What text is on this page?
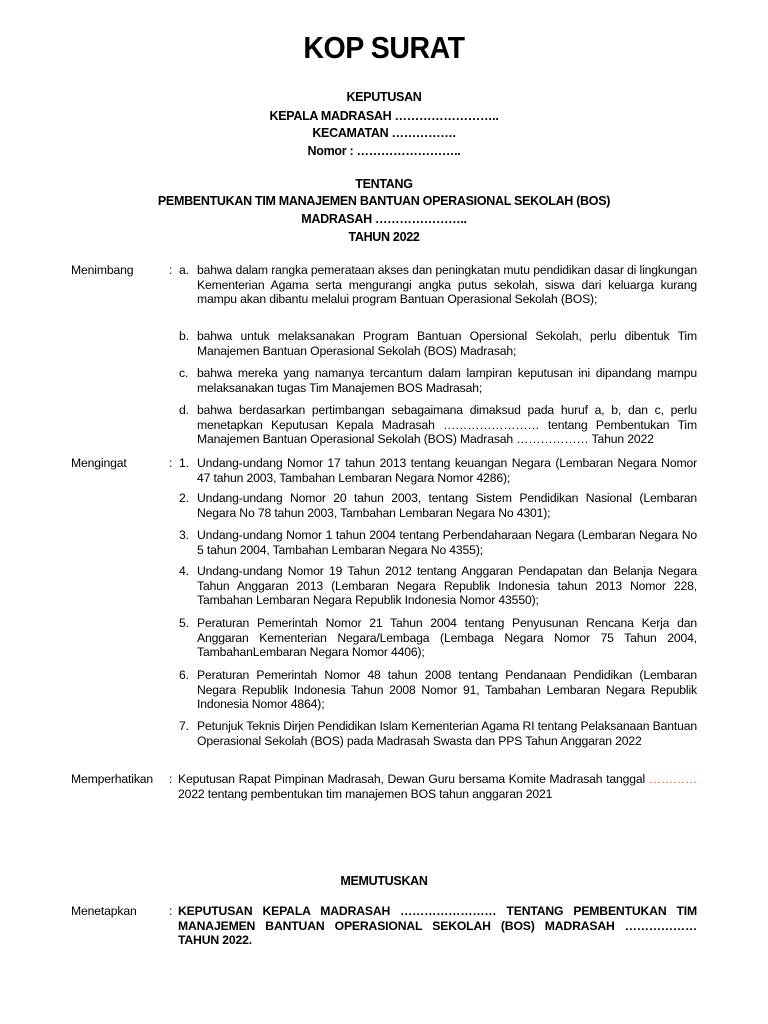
KOP SURAT
KEPUTUSAN
KEPALA MADRASAH ……………………..
KECAMATAN …………….
Nomor : ……………………..
TENTANG
PEMBENTUKAN TIM MANAJEMEN BANTUAN OPERASIONAL SEKOLAH (BOS)
MADRASAH …………………..
TAHUN 2022
Menimbang	: a. bahwa dalam rangka pemerataan akses dan peningkatan mutu pendidikan dasar di lingkungan Kementerian Agama serta mengurangi angka putus sekolah, siswa dari keluarga kurang mampu akan dibantu melalui program Bantuan Operasional Sekolah (BOS);
b. bahwa untuk melaksanakan Program Bantuan Opersional Sekolah, perlu dibentuk Tim Manajemen Bantuan Operasional Sekolah (BOS) Madrasah;
c. bahwa mereka yang namanya tercantum dalam lampiran keputusan ini dipandang mampu melaksanakan tugas Tim Manajemen BOS Madrasah;
d. bahwa berdasarkan pertimbangan sebagaimana dimaksud pada huruf a, b, dan c, perlu menetapkan Keputusan Kepala Madrasah …………………… tentang Pembentukan Tim Manajemen Bantuan Operasional Sekolah (BOS) Madrasah ……………… Tahun 2022
Mengingat	: 1. Undang-undang Nomor 17 tahun 2013 tentang keuangan Negara (Lembaran Negara Nomor 47 tahun 2003, Tambahan Lembaran Negara Nomor 4286);
2. Undang-undang Nomor 20 tahun 2003, tentang Sistem Pendidikan Nasional (Lembaran Negara No 78 tahun 2003, Tambahan Lembaran Negara No 4301);
3. Undang-undang Nomor 1 tahun 2004 tentang Perbendaharaan Negara (Lembaran Negara No 5 tahun 2004, Tambahan Lembaran Negara No 4355);
4. Undang-undang Nomor 19 Tahun 2012 tentang Anggaran Pendapatan dan Belanja Negara Tahun Anggaran 2013 (Lembaran Negara Republik Indonesia tahun 2013 Nomor 228, Tambahan Lembaran Negara Republik Indonesia Nomor 43550);
5. Peraturan Pemerintah Nomor 21 Tahun 2004 tentang Penyusunan Rencana Kerja dan Anggaran Kementerian Negara/Lembaga (Lembaga Negara Nomor 75 Tahun 2004, TambahanLembaran Negara Nomor 4406);
6. Peraturan Pemerintah Nomor 48 tahun 2008 tentang Pendanaan Pendidikan (Lembaran Negara Republik Indonesia Tahun 2008 Nomor 91, Tambahan Lembaran Negara Republik Indonesia Nomor 4864);
7. Petunjuk Teknis Dirjen Pendidikan Islam Kementerian Agama RI tentang Pelaksanaan Bantuan Operasional Sekolah (BOS) pada Madrasah Swasta dan PPS Tahun Anggaran 2022
Memperhatikan : Keputusan Rapat Pimpinan Madrasah, Dewan Guru bersama Komite Madrasah tanggal ………… 2022 tentang pembentukan tim manajemen BOS tahun anggaran 2021
MEMUTUSKAN
Menetapkan	: KEPUTUSAN KEPALA MADRASAH …………………… TENTANG PEMBENTUKAN TIM MANAJEMEN BANTUAN OPERASIONAL SEKOLAH (BOS) MADRASAH ……………… TAHUN 2022.
